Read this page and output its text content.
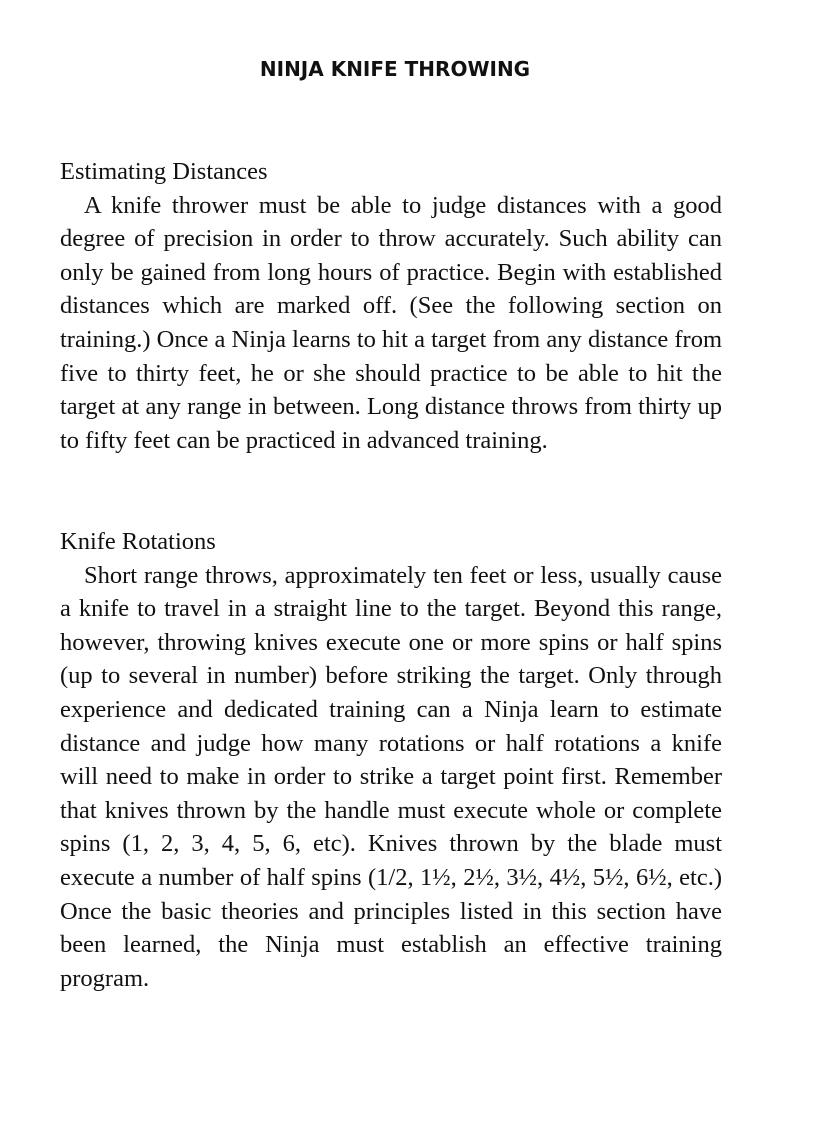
NINJA KNIFE THROWING
Estimating Distances

A knife thrower must be able to judge distances with a good degree of precision in order to throw accurately. Such ability can only be gained from long hours of practice. Begin with established distances which are marked off. (See the following section on training.) Once a Ninja learns to hit a target from any distance from five to thirty feet, he or she should practice to be able to hit the target at any range in between. Long distance throws from thirty up to fifty feet can be practiced in advanced training.

Knife Rotations

Short range throws, approximately ten feet or less, usually cause a knife to travel in a straight line to the target. Beyond this range, however, throwing knives execute one or more spins or half spins (up to several in number) before striking the target. Only through experience and dedicated training can a Ninja learn to estimate distance and judge how many rotations or half rotations a knife will need to make in order to strike a target point first. Remember that knives thrown by the handle must execute whole or complete spins (1, 2, 3, 4, 5, 6, etc). Knives thrown by the blade must execute a number of half spins (1/2, 1½, 2½, 3½, 4½, 5½, 6½, etc.) Once the basic theories and principles listed in this section have been learned, the Ninja must establish an effective training program.
